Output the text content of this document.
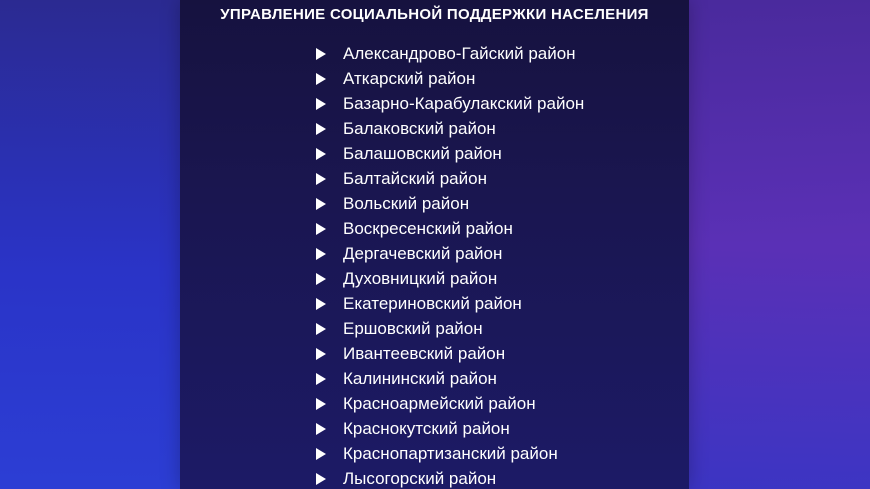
УПРАВЛЕНИЕ СОЦИАЛЬНОЙ ПОДДЕРЖКИ НАСЕЛЕНИЯ
Александрово-Гайский район
Аткарский район
Базарно-Карабулакский район
Балаковский район
Балашовский район
Балтайский район
Вольский район
Воскресенский район
Дергачевский район
Духовницкий район
Екатериновский район
Ершовский район
Ивантеевский район
Калининский район
Красноармейский район
Краснокутский район
Краснопартизанский район
Лысогорский район
